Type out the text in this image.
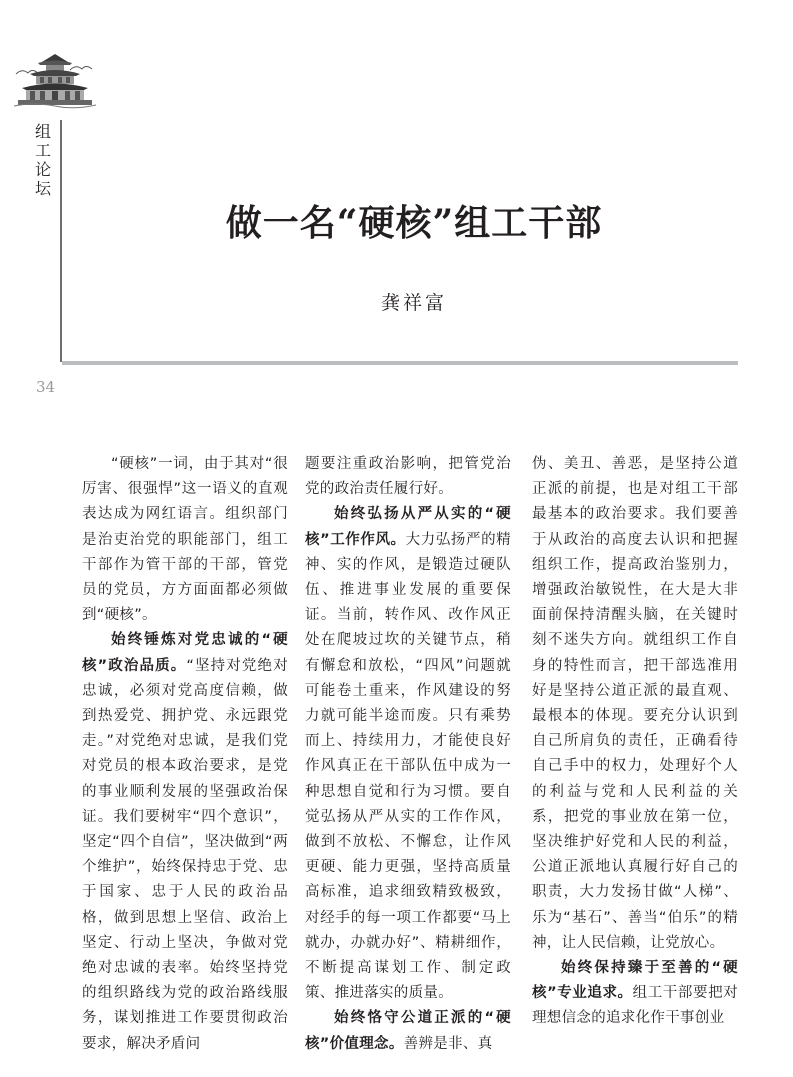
组工论坛
34
做一名“硬核”组工干部
龚祥富

“硬核”一词，由于其对“很厉害、很强悍”这一语义的直观表达成为网红语言。组织部门是治吏治党的职能部门，组工干部作为管干部的干部，管党员的党员，方方面面都必须做到“硬核”。

始终锤炼对党忠诚的“硬核”政治品质。“坚持对党绝对忠诚，必须对党高度信赖，做到热爱党、拥护党、永远跟党走。”对党绝对忠诚，是我们党对党员的根本政治要求，是党的事业顺利发展的坚强政治保证。我们要树牢“四个意识”，坚定“四个自信”，坚决做到“两个维护”，始终保持忠于党、忠于国家、忠于人民的政治品格，做到思想上坚信、政治上坚定、行动上坚决，争做对党绝对忠诚的表率。始终坚持党的组织路线为党的政治路线服务，谋划推进工作要贯彻政治要求，解决矛盾问

题要注重政治影响，把管党治党的政治责任履行好。

始终弘扬从严从实的“硬核”工作作风。大力弘扬严的精神、实的作风，是锻造过硬队伍、推进事业发展的重要保证。当前，转作风、改作风正处在爬坡过坎的关键节点，稍有懈怠和放松，“四风”问题就可能卷土重来，作风建设的努力就可能半途而废。只有乘势而上、持续用力，才能使良好作风真正在干部队伍中成为一种思想自觉和行为习惯。要自觉弘扬从严从实的工作作风，做到不放松、不懈怠，让作风更硬、能力更强，坚持高质量高标准，追求细致精致极致，对经手的每一项工作都要“马上就办，办就办好”、精耕细作，不断提高谋划工作、制定政策、推进落实的质量。

始终恪守公道正派的“硬核”价值理念。善辨是非、真

伪、美丑、善恶，是坚持公道正派的前提，也是对组工干部最基本的政治要求。我们要善于从政治的高度去认识和把握组织工作，提高政治鉴别力，增强政治敏锐性，在大是大非面前保持清醒头脑，在关键时刻不迷失方向。就组织工作自身的特性而言，把干部选准用好是坚持公道正派的最直观、最根本的体现。要充分认识到自己所肩负的责任，正确看待自己手中的权力，处理好个人的利益与党和人民利益的关系，把党的事业放在第一位，坚决维护好党和人民的利益，公道正派地认真履行好自己的职责，大力发扬甘做“人梯”、乐为“基石”、善当“伯乐”的精神，让人民信赖，让党放心。

始终保持臻于至善的“硬核”专业追求。组工干部要把对理想信念的追求化作干事创业
